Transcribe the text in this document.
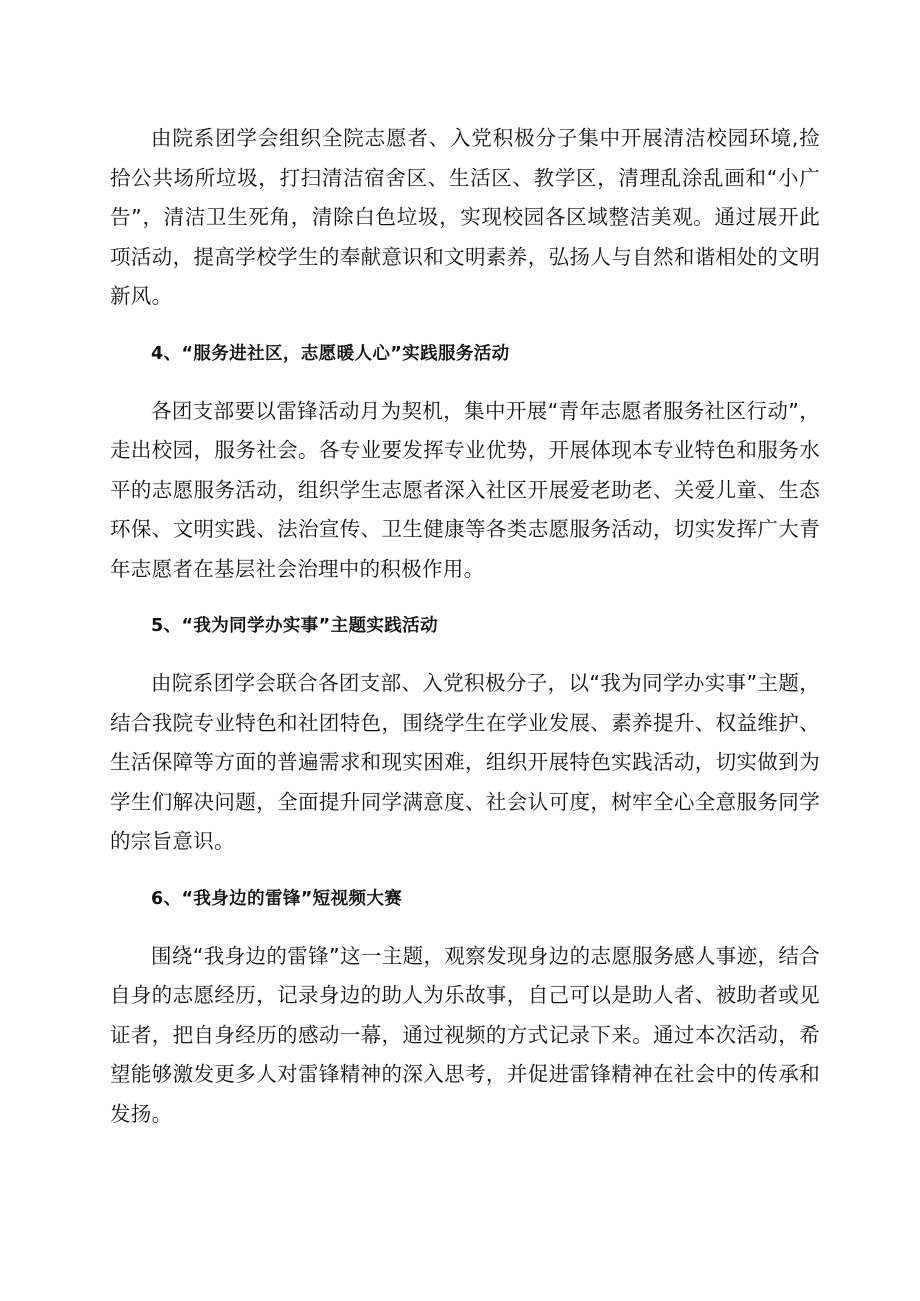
由院系团学会组织全院志愿者、入党积极分子集中开展清洁校园环境,捡拾公共场所垃圾，打扫清洁宿舍区、生活区、教学区，清理乱涂乱画和“小广告”，清洁卫生死角，清除白色垃圾，实现校园各区域整洁美观。通过展开此项活动，提高学校学生的奉献意识和文明素养，弘扬人与自然和谐相处的文明新风。

4、“服务进社区，志愿暖人心”实践服务活动

各团支部要以雷锋活动月为契机，集中开展“青年志愿者服务社区行动”，走出校园，服务社会。各专业要发挥专业优势，开展体现本专业特色和服务水平的志愿服务活动，组织学生志愿者深入社区开展爱老助老、关爱儿童、生态环保、文明实践、法治宣传、卫生健康等各类志愿服务活动，切实发挥广大青年志愿者在基层社会治理中的积极作用。

5、“我为同学办实事”主题实践活动

由院系团学会联合各团支部、入党积极分子，以“我为同学办实事”主题，结合我院专业特色和社团特色，围绕学生在学业发展、素养提升、权益维护、生活保障等方面的普遍需求和现实困难，组织开展特色实践活动，切实做到为学生们解决问题，全面提升同学满意度、社会认可度，树牢全心全意服务同学的宗旨意识。

6、“我身边的雷锋”短视频大赛

围绕“我身边的雷锋”这一主题，观察发现身边的志愿服务感人事迹，结合自身的志愿经历，记录身边的助人为乐故事，自己可以是助人者、被助者或见证者，把自身经历的感动一幕，通过视频的方式记录下来。通过本次活动，希望能够激发更多人对雷锋精神的深入思考，并促进雷锋精神在社会中的传承和发扬。
